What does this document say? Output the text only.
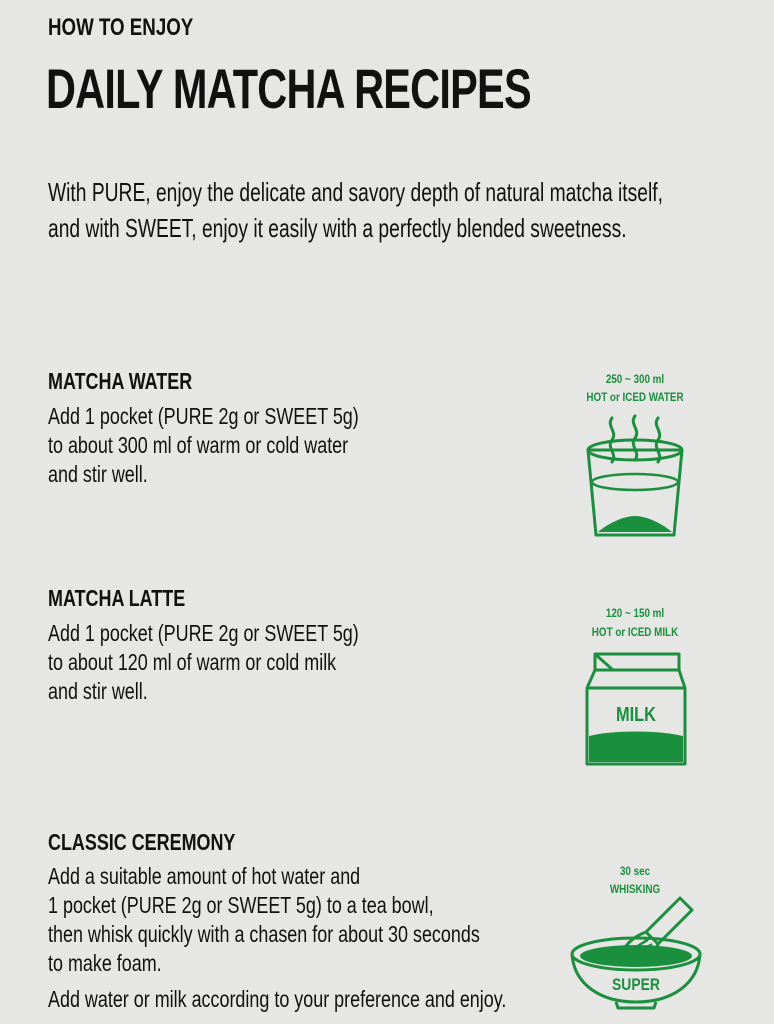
HOW TO ENJOY
DAILY MATCHA RECIPES
With PURE, enjoy the delicate and savory depth of natural matcha itself,
and with SWEET, enjoy it easily with a perfectly blended sweetness.
MATCHA WATER
Add 1 pocket (PURE 2g or SWEET 5g)
to about 300 ml of warm or cold water
and stir well.
250 ~ 300 ml
HOT or ICED WATER
MATCHA LATTE
Add 1 pocket (PURE 2g or SWEET 5g)
to about 120 ml of warm or cold milk
and stir well.
120 ~ 150 ml
HOT or ICED MILK
MILK
CLASSIC CEREMONY
Add a suitable amount of hot water and
1 pocket (PURE 2g or SWEET 5g) to a tea bowl,
then whisk quickly with a chasen for about 30 seconds
to make foam.
Add water or milk according to your preference and enjoy.
30 sec
WHISKING
SUPER
